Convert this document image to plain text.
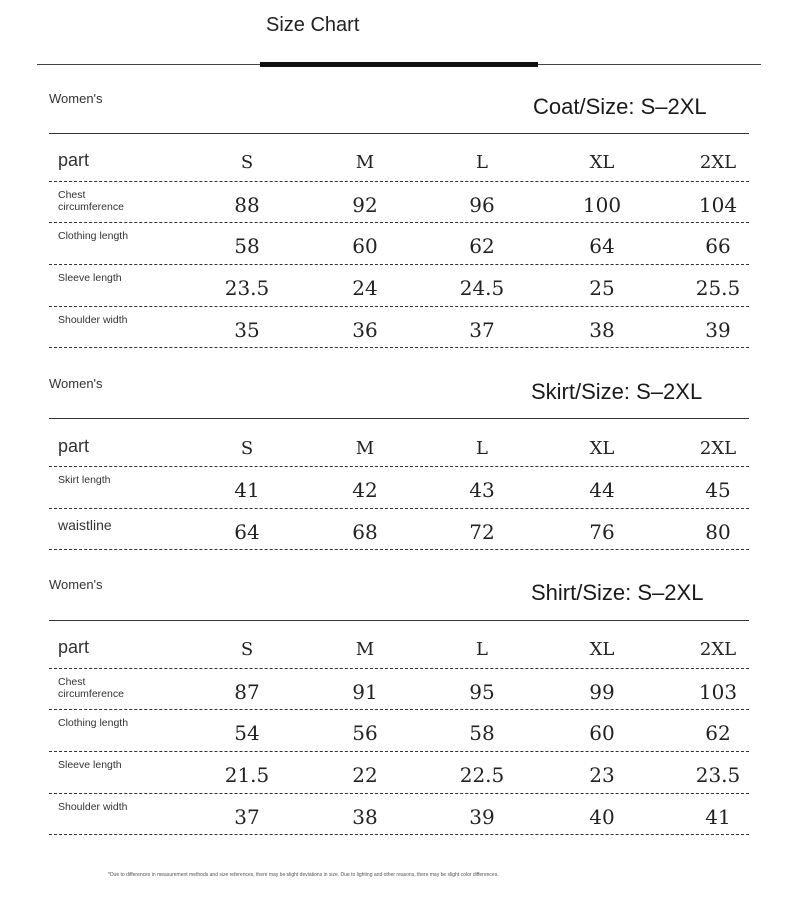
Size Chart
Women's	Coat/Size: S–2XL
part	S	M	L	XL	2XL
Chest circumference	88	92	96	100	104
Clothing length	58	60	62	64	66
Sleeve length	23.5	24	24.5	25	25.5
Shoulder width	35	36	37	38	39
Women's	Skirt/Size: S–2XL
part	S	M	L	XL	2XL
Skirt length	41	42	43	44	45
waistline	64	68	72	76	80
Women's	Shirt/Size: S–2XL
part	S	M	L	XL	2XL
Chest circumference	87	91	95	99	103
Clothing length	54	56	58	60	62
Sleeve length	21.5	22	22.5	23	23.5
Shoulder width	37	38	39	40	41
*Due to differences in measurement methods and size references, there may be slight deviations in size. Due to lighting and other reasons, there may be slight color differences.
